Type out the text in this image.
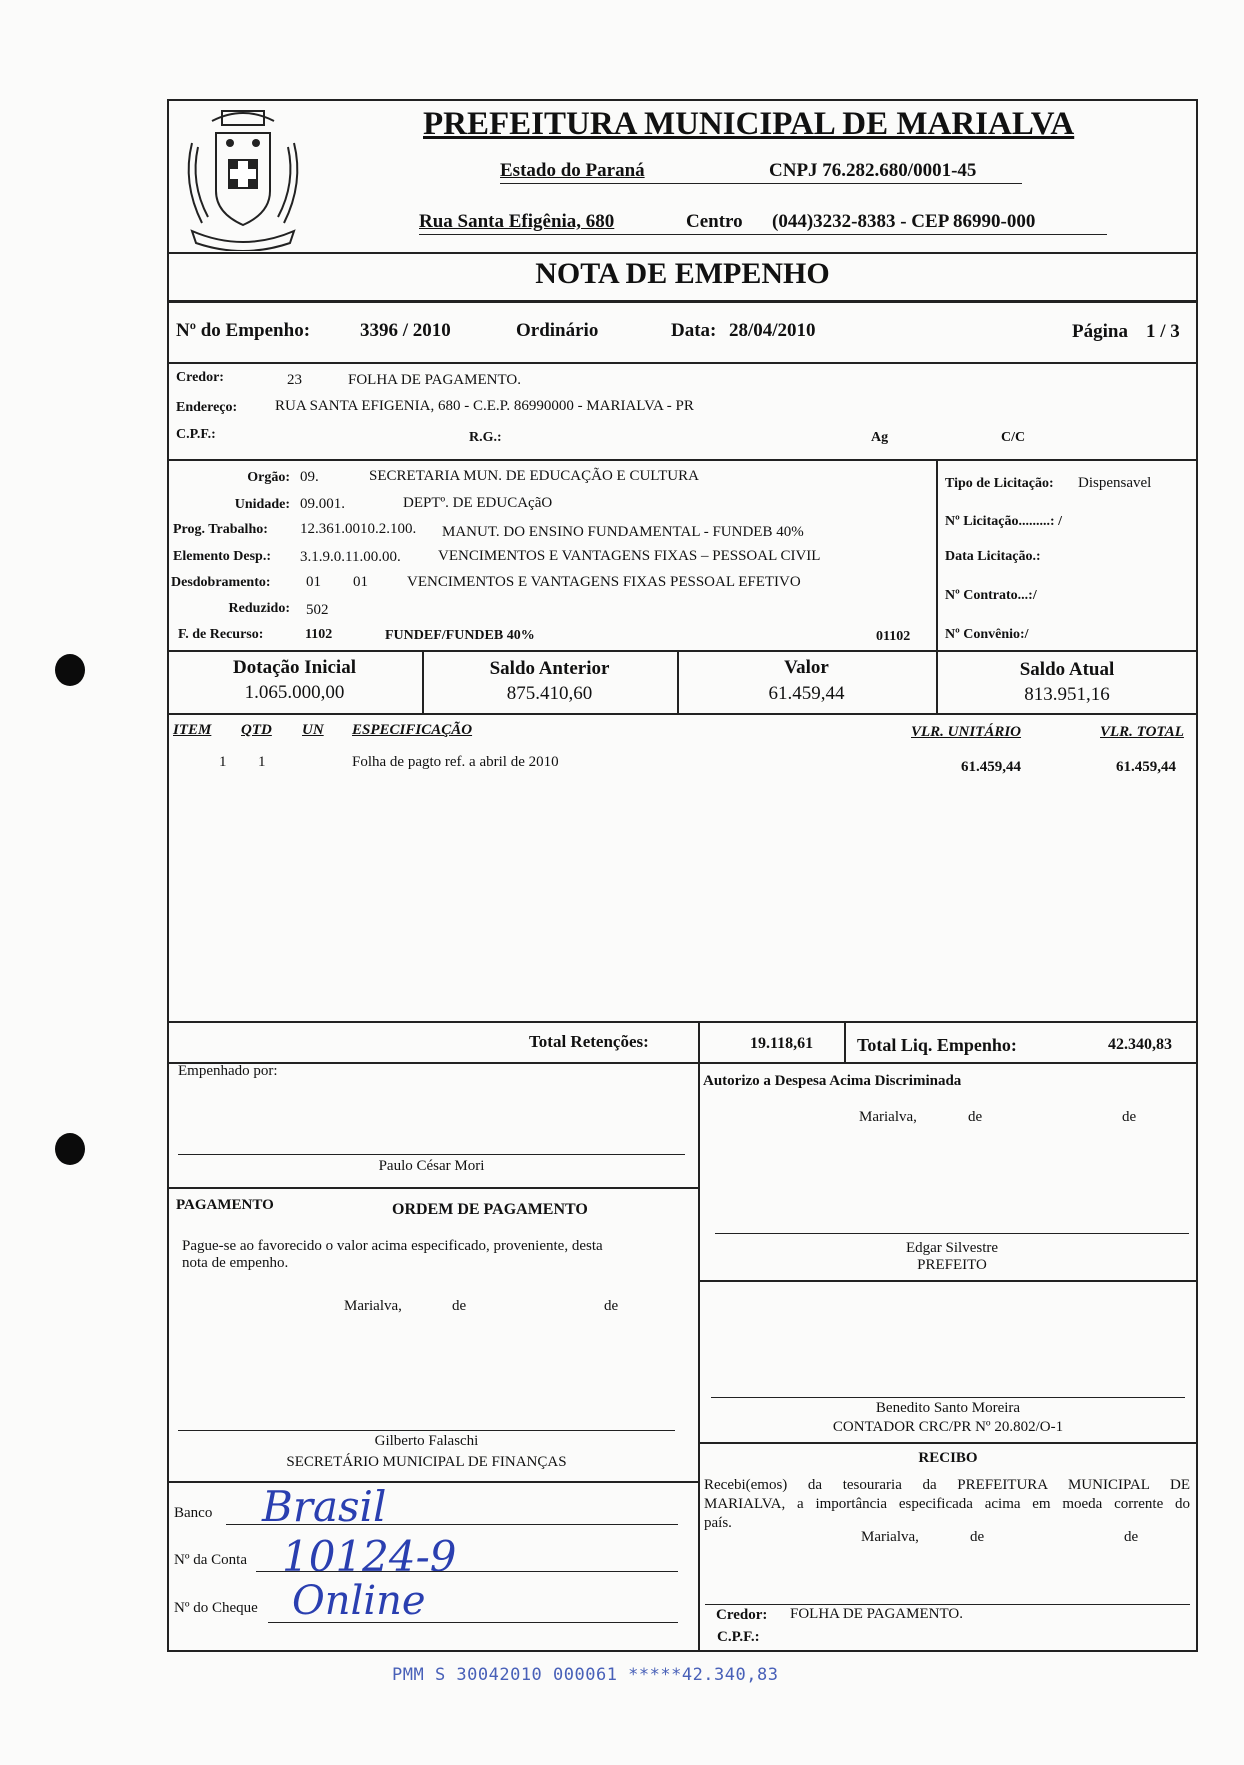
PREFEITURA MUNICIPAL DE MARIALVA
Estado do Paraná	CNPJ 76.282.680/0001-45
Rua Santa Efigênia, 680	Centro (044)3232-8383 - CEP 86990-000
NOTA DE EMPENHO
Nº do Empenho:	3396 / 2010	Ordinário	Data: 28/04/2010	Página 1 / 3
Credor:	23	FOLHA DE PAGAMENTO.
Endereço:	RUA SANTA EFIGENIA, 680 - C.E.P. 86990000 - MARIALVA - PR
C.P.F.:	R.G.:	Ag	C/C
Orgão: 09.	SECRETARIA MUN. DE EDUCAÇÃO E CULTURA
Unidade: 09.001.	DEPTº. DE EDUCAçãO
Prog. Trabalho: 12.361.0010.2.100. MANUT. DO ENSINO FUNDAMENTAL - FUNDEB 40%
Elemento Desp.: 3.1.9.0.11.00.00. VENCIMENTOS E VANTAGENS FIXAS – PESSOAL CIVIL
Desdobramento: 01 01	VENCIMENTOS E VANTAGENS FIXAS PESSOAL EFETIVO
Reduzido: 502
F. de Recurso:	1102	FUNDEF/FUNDEB 40%	01102
Tipo de Licitação: Dispensavel
Nº Licitação.........: /
Data Licitação.:
Nº Contrato...:/
Nº Convênio:/
Dotação Inicial
1.065.000,00
Saldo Anterior
875.410,60
Valor
61.459,44
Saldo Atual
813.951,16
ITEM QTD UN ESPECIFICAÇÃO	VLR. UNITÁRIO	VLR. TOTAL
1 1	Folha de pagto ref. a abril de 2010	61.459,44	61.459,44
Total Retenções:	19.118,61 Total Liq. Empenho:	42.340,83
Empenhado por:
Paulo César Mori
PAGAMENTO	ORDEM DE PAGAMENTO
Pague-se ao favorecido o valor acima especificado, proveniente, desta
nota de empenho.
Marialva,	de	de
Gilberto Falaschi
SECRETÁRIO MUNICIPAL DE FINANÇAS
Banco Brasil
Nº da Conta 10124-9
Nº do Cheque Online
Autorizo a Despesa Acima Discriminada
Marialva,	de	de
Edgar Silvestre
PREFEITO
Benedito Santo Moreira
CONTADOR CRC/PR Nº 20.802/O-1
RECIBO
Recebi(emos) da tesouraria da PREFEITURA MUNICIPAL DE
MARIALVA, a importância especificada acima em moeda corrente do
país.
Marialva,	de	de
Credor: FOLHA DE PAGAMENTO.
C.P.F.:
PMM S 30042010 000061 *****42.340,83
